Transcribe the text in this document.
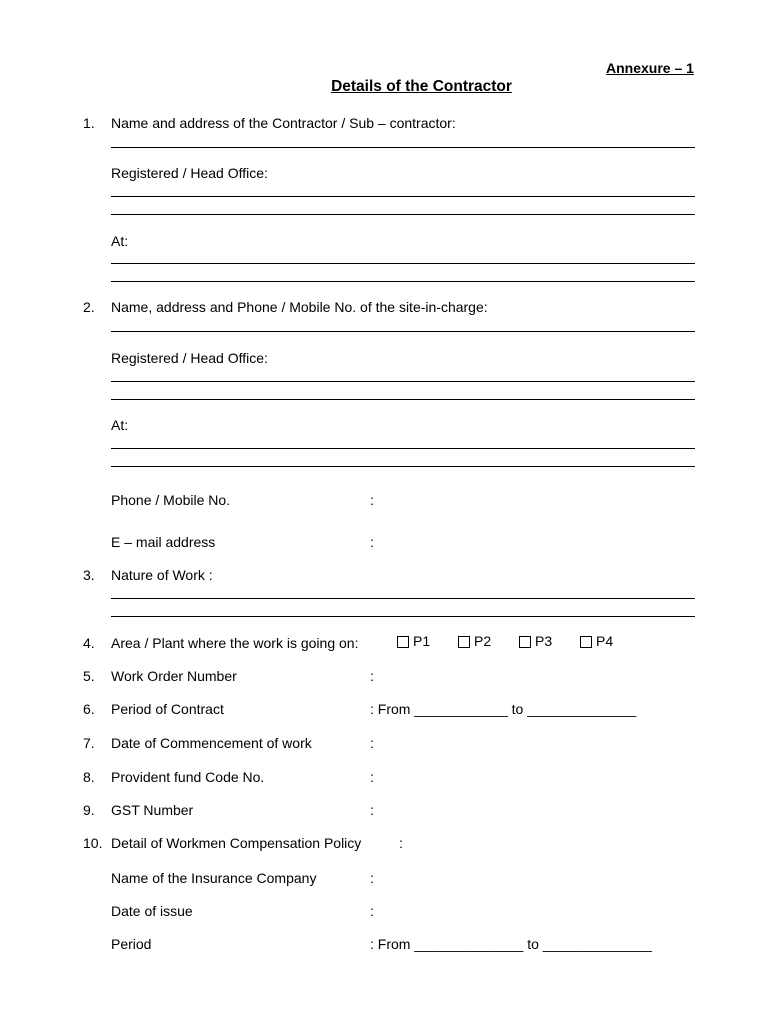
Annexure – 1
Details of the Contractor
1. Name and address of the Contractor / Sub – contractor:
Registered / Head Office:
At:
2. Name, address and Phone / Mobile No. of the site-in-charge:
Registered / Head Office:
At:
Phone / Mobile No.	:
E – mail address	:
3. Nature of Work :
4. Area / Plant where the work is going on:	P1	P2	P3	P4
5. Work Order Number	:
6. Period of Contract	: From ____________ to ______________
7. Date of Commencement of work	:
8. Provident fund Code No.	:
9. GST Number	:
10. Detail of Workmen Compensation Policy	:
Name of the Insurance Company	:
Date of issue	:
Period	: From ______________ to ______________
